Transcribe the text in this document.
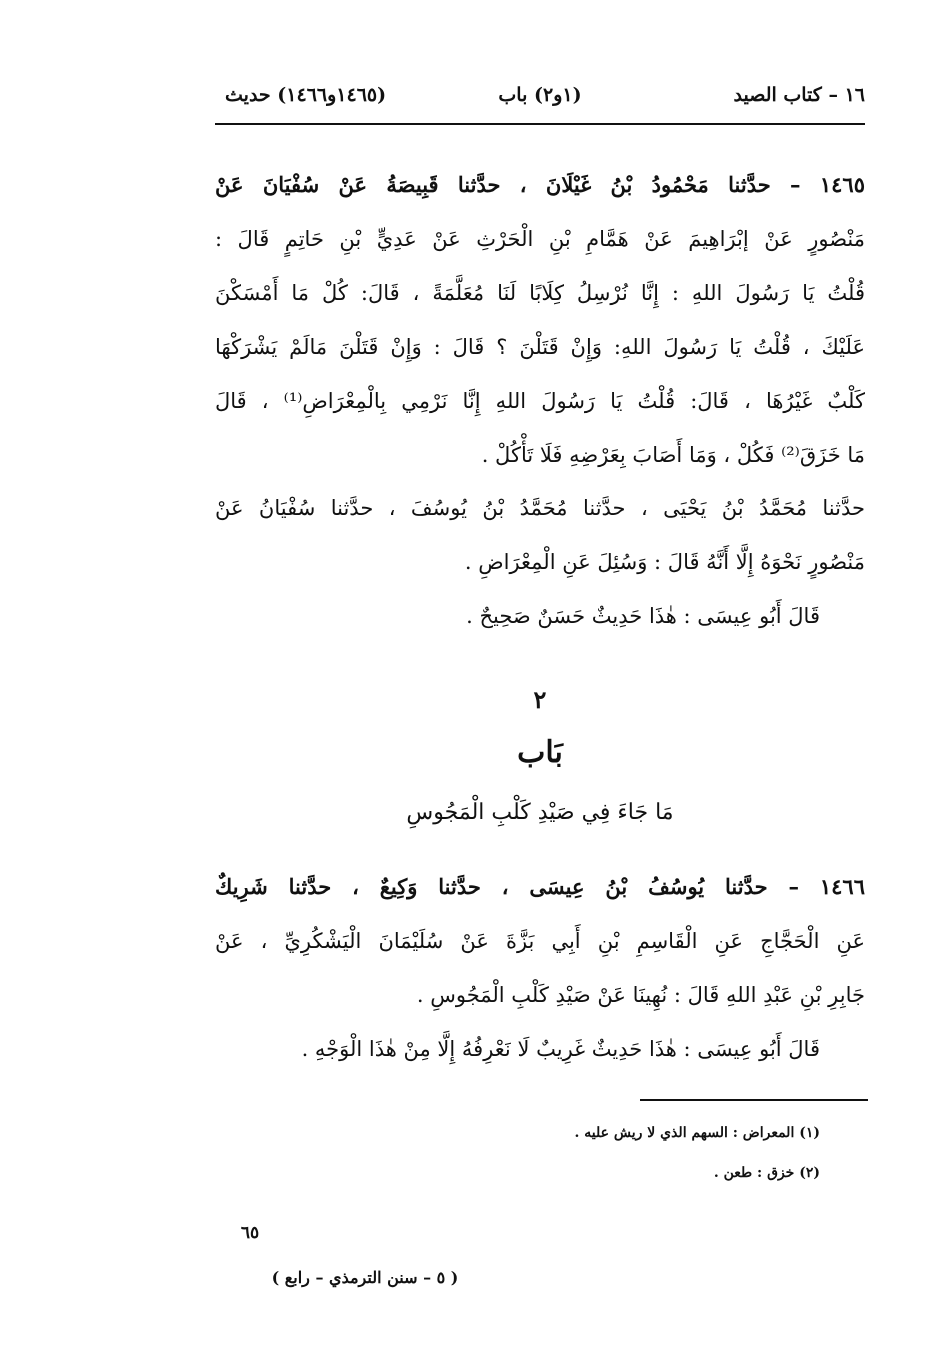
١٦ – كتاب الصيد
(١و٢) باب
(١٤٦٥و١٤٦٦) حديث
١٤٦٥ – حدَّثنا مَحْمُودُ بْنُ غَيْلَانَ ، حدَّثنا قَبِيصَةُ عَنْ سُفْيَانَ عَنْ
مَنْصُورٍ عَنْ إبْرَاهِيمَ عَنْ هَمَّامِ بْنِ الْحَرْثِ عَنْ عَدِيٍّ بْنِ حَاتِمٍ قَالَ :
قُلْتُ يَا رَسُولَ اللهِ : إِنَّا نُرْسِلُ كِلَابًا لَنَا مُعَلَّمَةً ، قَالَ: كُلْ مَا أَمْسَكْنَ
عَلَيْكَ ، قُلْتُ يَا رَسُولَ اللهِ: وَإِنْ قَتَلْنَ ؟ قَالَ : وَإِنْ قَتَلْنَ مَالَمْ يَشْرَكْهَا
كَلْبٌ غَيْرُهَا ، قَالَ: قُلْتُ يَا رَسُولَ اللهِ إِنَّا نَرْمِي بِالْمِعْرَاضِ⁽¹⁾ ، قَالَ
مَا خَزَقَ⁽²⁾ فَكُلْ ، وَمَا أَصَابَ بِعَرْضِهِ فَلَا تَأْكُلْ .
حدَّثنا مُحَمَّدُ بْنُ يَحْيَى ، حدَّثنا مُحَمَّدُ بْنُ يُوسُفَ ، حدَّثنا سُفْيَانُ عَنْ
مَنْصُورٍ نَحْوَهُ إِلَّا أَنَّهُ قَالَ : وَسُئِلَ عَنِ الْمِعْرَاضِ .
قَالَ أَبُو عِيسَى : هٰذَا حَدِيثٌ حَسَنٌ صَحِيحٌ .
٢
بَاب
مَا جَاءَ فِي صَيْدِ كَلْبِ الْمَجُوسِ
١٤٦٦ – حدَّثنا يُوسُفُ بْنُ عِيسَى ، حدَّثنا وَكِيعٌ ، حدَّثنا شَرِيكٌ
عَنِ الْحَجَّاجِ عَنِ الْقَاسِمِ بْنِ أَبِي بَزَّةَ عَنْ سُلَيْمَانَ الْيَشْكُرِيِّ ، عَنْ
جَابِرِ بْنِ عَبْدِ اللهِ قَالَ : نُهِينَا عَنْ صَيْدِ كَلْبِ الْمَجُوسِ .
قَالَ أَبُو عِيسَى : هٰذَا حَدِيثٌ غَرِيبٌ لَا نَعْرِفُهُ إِلَّا مِنْ هٰذَا الْوَجْهِ .
(١) المعراض : السهم الذي لا ريش عليه .
(٢) خزق : طعن .
٦٥
( ٥ – سنن الترمذي – رابع )
